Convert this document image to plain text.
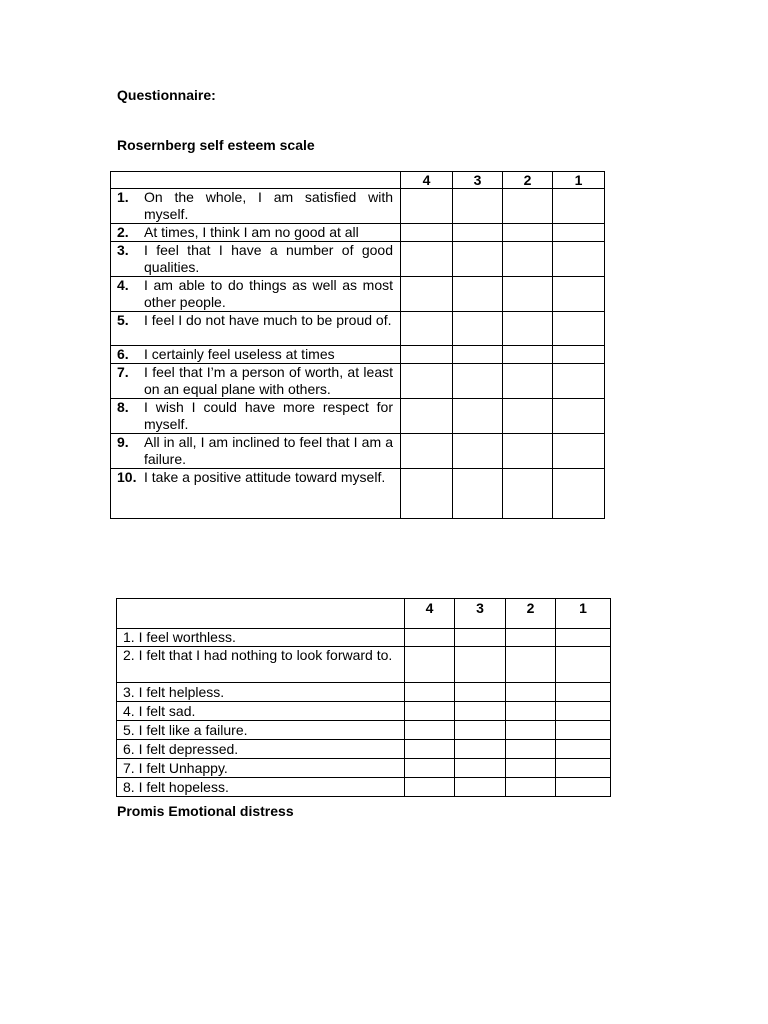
Questionnaire:
Rosernberg self esteem scale
	4	3	2	1

1. On the whole, I am satisfied with myself.				

2. At times, I think I am no good at all				

3. I feel that I have a number of good qualities.				

4. I am able to do things as well as most other people.				

5. I feel I do not have much to be proud of.				

6. I certainly feel useless at times				

7. I feel that I’m a person of worth, at least on an equal plane with others.				

8. I wish I could have more respect for myself.				

9. All in all, I am inclined to feel that I am a failure.				

10. I take a positive attitude toward myself.				

	4	3	2	1
1. I feel worthless.				
2. I felt that I had nothing to look forward to.				
3. I felt helpless.				
4. I felt sad.				
5. I felt like a failure.				
6. I felt depressed.				
7. I felt Unhappy.				
8. I felt hopeless.				
Promis Emotional distress
